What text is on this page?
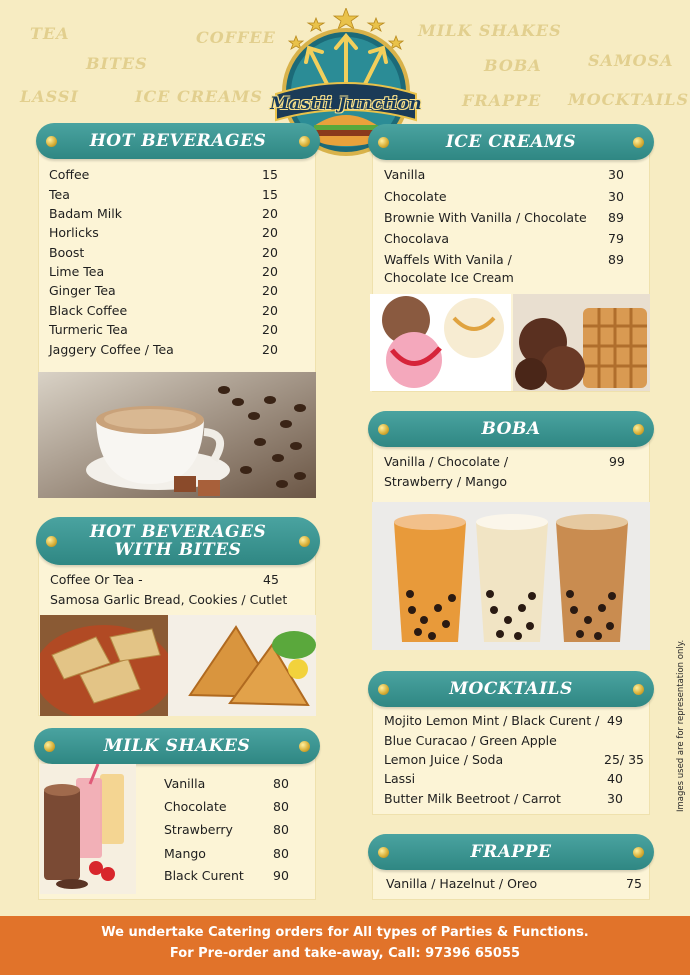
TEA	COFFEE	MILK SHAKES
BITES	BOBA	SAMOSA
LASSI	ICE CREAMS	FRAPPE MOCKTAILS
Mastii Junction
HOT BEVERAGES
Coffee	15
Tea	15
Badam Milk	20
Horlicks	20
Boost	20
Lime Tea	20
Ginger Tea	20
Black Coffee	20
Turmeric Tea	20
Jaggery Coffee / Tea	20
HOT BEVERAGES
WITH BITES
Coffee Or Tea -	45
Samosa Garlic Bread, Cookies / Cutlet
MILK SHAKES
Vanilla	80
Chocolate	80
Strawberry	80
Mango	80
Black Curent 90
ICE CREAMS
Vanilla	30
Chocolate	30
Brownie With Vanilla / Chocolate 89
Chocolava	79
Waffels With Vanila /	89
Chocolate Ice Cream
BOBA
Vanilla / Chocolate /	99
Strawberry / Mango
MOCKTAILS
Mojito Lemon Mint / Black Curent / 49
Blue Curacao / Green Apple
Lemon Juice / Soda	25/ 35
Lassi	40
Butter Milk Beetroot / Carrot	30
FRAPPE
Vanilla / Hazelnut / Oreo	75
Images used are for representation only.
We undertake Catering orders for All types of Parties & Functions.
For Pre-order and take-away, Call: 97396 65055
